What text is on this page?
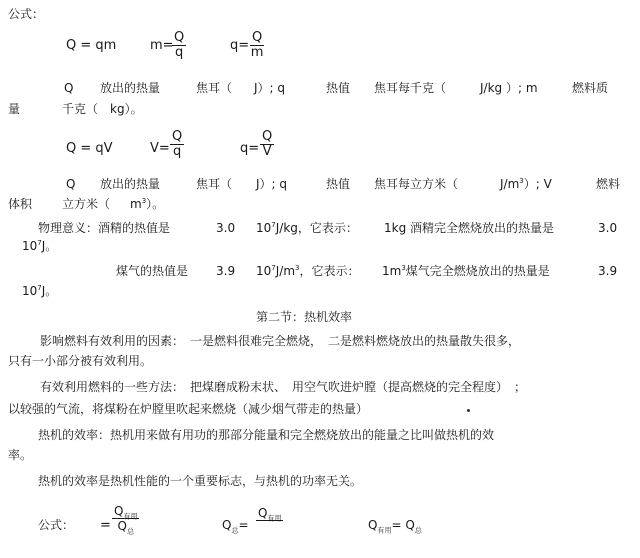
公式：
Q = qm	m=
$\frac{Q}{q}$	$q= \frac{Q}{m}$
Q 放出的热量	焦耳（ J）; q	热值 焦耳每千克（	J/kg ）; m	燃料质
量	千克（ kg）。
Q = qV	$V= \frac{Q}{q}$	$q= \frac{Q}{V}$
Q 放出的热量	焦耳（ J）; q	热值 焦耳每立方米（	$J/m^3$）; V	燃料
体积 立方米（ $m^3$）。
物理意义：酒精的热值是	3.0 $10^7J/kg$，它表示： 1kg 酒精完全燃烧放出的热量是	3.0
$10^7J$。
煤气的热值是 3.9 $10^7J/m^3$，它表示： $1m^3$煤气完全燃烧放出的热量是	3.9
$10^7J$。
第二节：热机效率
影响燃料有效利用的因素：　一是燃料很难完全燃烧，　二是燃料燃烧放出的热量散失很多，
只有一小部分被有效利用。
有效利用燃料的一些方法：　把煤磨成粉末状、　用空气吹进炉膛（提高燃烧的完全程度）　；
以较强的气流，将煤粉在炉膛里吹起来燃烧（减少烟气带走的热量）
热机的效率：热机用来做有用功的那部分能量和完全燃烧放出的能量之比叫做热机的效
率。
热机的效率是热机性能的一个重要标志，与热机的功率无关。
公式： =
$Q_{有用}$
$Q_总$	$Q_总=$
$Q_{有用}$
	$Q_{有用}= Q_总$
